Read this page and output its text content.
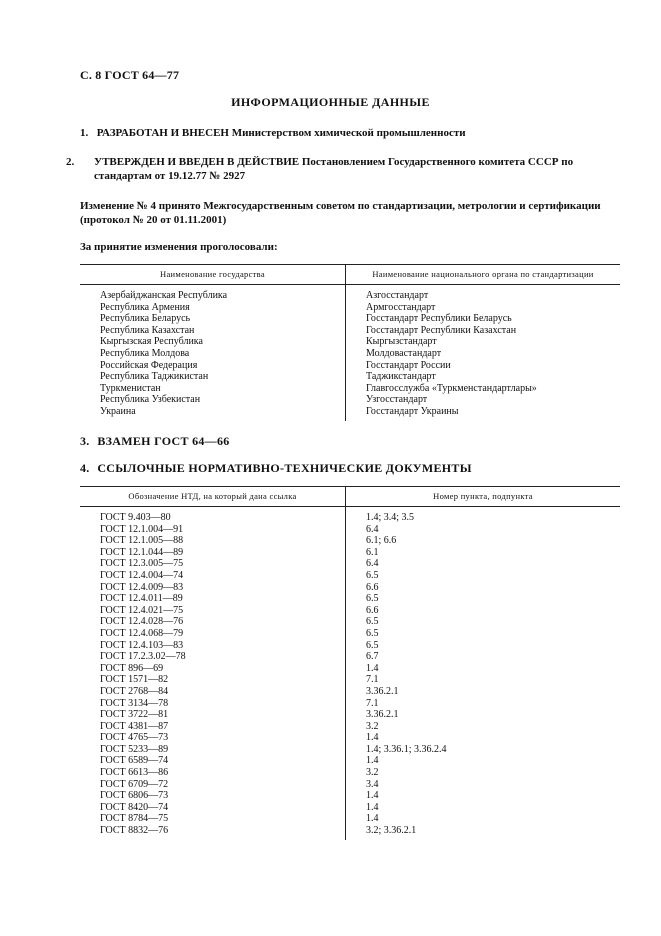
С. 8 ГОСТ 64—77
ИНФОРМАЦИОННЫЕ ДАННЫЕ
1. РАЗРАБОТАН И ВНЕСЕН Министерством химической промышленности
2. УТВЕРЖДЕН И ВВЕДЕН В ДЕЙСТВИЕ Постановлением Государственного комитета СССР по стандартам от 19.12.77 № 2927
Изменение № 4 принято Межгосударственным советом по стандартизации, метрологии и сертификации (протокол № 20 от 01.11.2001)
За принятие изменения проголосовали:
Наименование государства	Наименование национального органа по стандартизации
Азербайджанская Республика	Азгосстандарт
Республика Армения	Армгосстандарт
Республика Беларусь	Госстандарт Республики Беларусь
Республика Казахстан	Госстандарт Республики Казахстан
Кыргызская Республика	Кыргызстандарт
Республика Молдова	Молдовастандарт
Российская Федерация	Госстандарт России
Республика Таджикистан	Таджикстандарт
Туркменистан	Главгосслужба «Туркменстандартлары»
Республика Узбекистан	Узгосстандарт
Украина	Госстандарт Украины
3. ВЗАМЕН ГОСТ 64—66
4. ССЫЛОЧНЫЕ НОРМАТИВНО-ТЕХНИЧЕСКИЕ ДОКУМЕНТЫ
Обозначение НТД, на который дана ссылка	Номер пункта, подпункта
ГОСТ 9.403—80	1.4; 3.4; 3.5
ГОСТ 12.1.004—91	6.4
ГОСТ 12.1.005—88	6.1; 6.6
ГОСТ 12.1.044—89	6.1
ГОСТ 12.3.005—75	6.4
ГОСТ 12.4.004—74	6.5
ГОСТ 12.4.009—83	6.6
ГОСТ 12.4.011—89	6.5
ГОСТ 12.4.021—75	6.6
ГОСТ 12.4.028—76	6.5
ГОСТ 12.4.068—79	6.5
ГОСТ 12.4.103—83	6.5
ГОСТ 17.2.3.02—78	6.7
ГОСТ 896—69	1.4
ГОСТ 1571—82	7.1
ГОСТ 2768—84	3.36.2.1
ГОСТ 3134—78	7.1
ГОСТ 3722—81	3.36.2.1
ГОСТ 4381—87	3.2
ГОСТ 4765—73	1.4
ГОСТ 5233—89	1.4; 3.36.1; 3.36.2.4
ГОСТ 6589—74	1.4
ГОСТ 6613—86	3.2
ГОСТ 6709—72	3.4
ГОСТ 6806—73	1.4
ГОСТ 8420—74	1.4
ГОСТ 8784—75	1.4
ГОСТ 8832—76	3.2; 3.36.2.1
